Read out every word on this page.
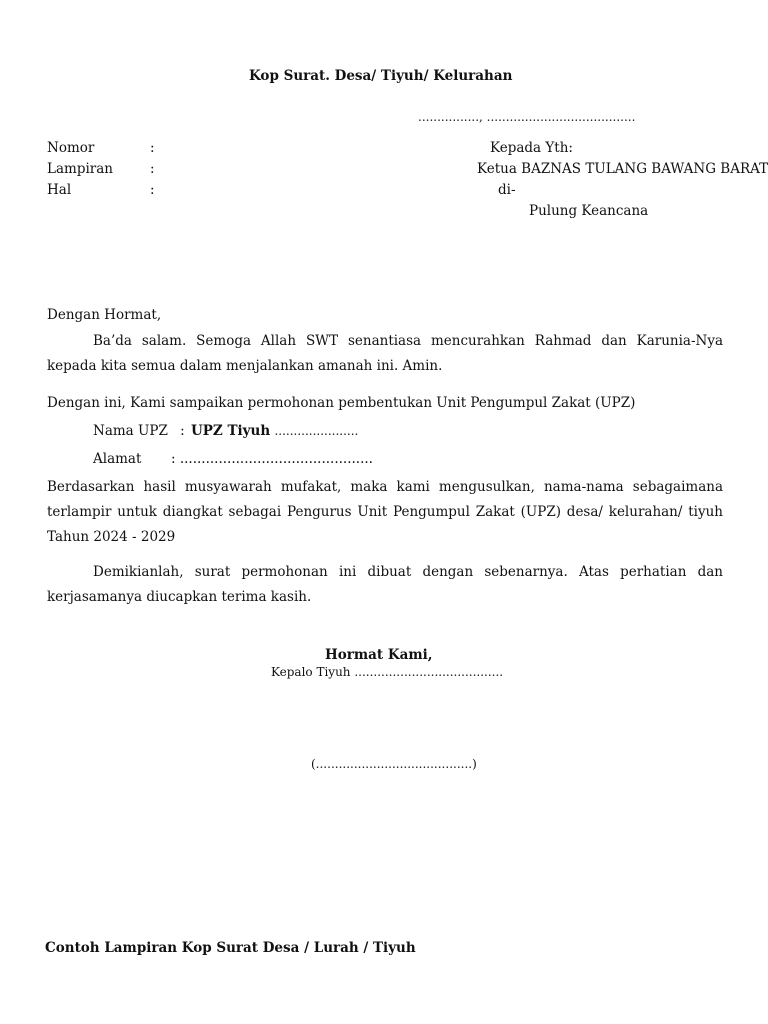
Kop Surat. Desa/ Tiyuh/ Kelurahan
................, .......................................
Nomor	:
Lampiran	:
Hal	:
Kepada Yth:
Ketua BAZNAS TULANG BAWANG BARAT
di-
Pulung Keancana
Dengan Hormat,
Ba’da salam. Semoga Allah SWT senantiasa mencurahkan Rahmad dan Karunia-Nya kepada kita semua dalam menjalankan amanah ini. Amin.
Dengan ini, Kami sampaikan permohonan pembentukan Unit Pengumpul Zakat (UPZ)
Nama UPZ : UPZ Tiyuh ......................
Alamat : .............................................
Berdasarkan hasil musyawarah mufakat, maka kami mengusulkan, nama-nama sebagaimana terlampir untuk diangkat sebagai Pengurus Unit Pengumpul Zakat (UPZ) desa/ kelurahan/ tiyuh Tahun 2024 - 2029
Demikianlah, surat permohonan ini dibuat dengan sebenarnya. Atas perhatian dan kerjasamanya diucapkan terima kasih.
Hormat Kami,
Kepalo Tiyuh .......................................
(.........................................)
Contoh Lampiran Kop Surat Desa / Lurah / Tiyuh
